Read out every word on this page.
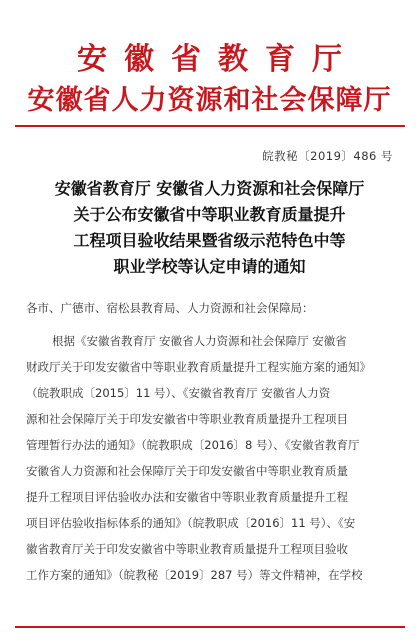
安徽省教育厅
安徽省人力资源和社会保障厅
皖教秘〔2019〕486 号
安徽省教育厅 安徽省人力资源和社会保障厅
关于公布安徽省中等职业教育质量提升
工程项目验收结果暨省级示范特色中等
职业学校等认定申请的通知
各市、广德市、宿松县教育局、人力资源和社会保障局：
根据《安徽省教育厅 安徽省人力资源和社会保障厅 安徽省
财政厅关于印发安徽省中等职业教育质量提升工程实施方案的通知》
（皖教职成〔2015〕11 号）、《安徽省教育厅 安徽省人力资
源和社会保障厅关于印发安徽省中等职业教育质量提升工程项目
管理暂行办法的通知》（皖教职成〔2016〕8 号）、《安徽省教育厅
安徽省人力资源和社会保障厅关于印发安徽省中等职业教育质量
提升工程项目评估验收办法和安徽省中等职业教育质量提升工程
项目评估验收指标体系的通知》（皖教职成〔2016〕11 号）、《安
徽省教育厅关于印发安徽省中等职业教育质量提升工程项目验收
工作方案的通知》（皖教秘〔2019〕287 号）等文件精神，在学校
